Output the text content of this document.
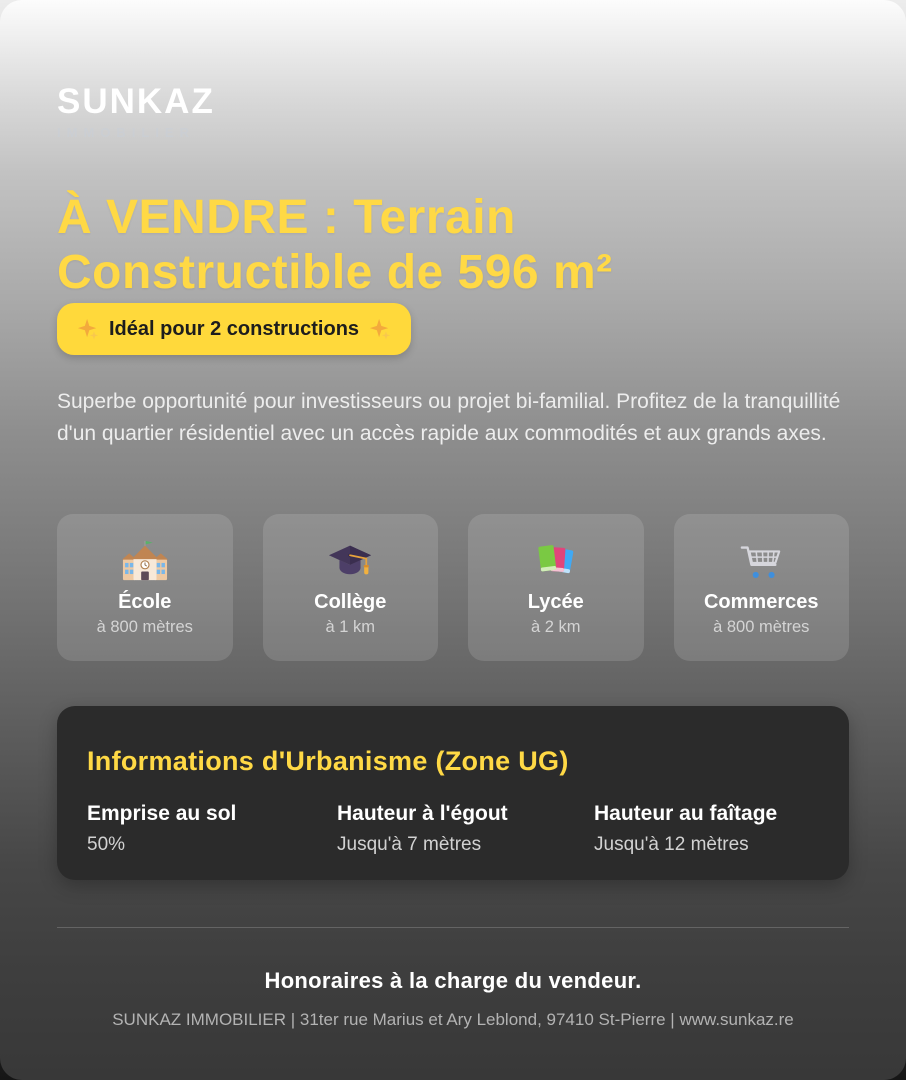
SUNKAZ
IMMOBILIER
À VENDRE : Terrain
Constructible de 596 m²
Idéal pour 2 constructions
Superbe opportunité pour investisseurs ou projet bi-familial. Profitez de la tranquillité d'un quartier résidentiel avec un accès rapide aux commodités et aux grands axes.
École
à 800 mètres
Collège
à 1 km
Lycée
à 2 km
Commerces
à 800 mètres
Informations d'Urbanisme (Zone UG)
Emprise au sol
50%
Hauteur à l'égout
Jusqu'à 7 mètres
Hauteur au faîtage
Jusqu'à 12 mètres
Honoraires à la charge du vendeur.
SUNKAZ IMMOBILIER | 31ter rue Marius et Ary Leblond, 97410 St-Pierre | www.sunkaz.re
